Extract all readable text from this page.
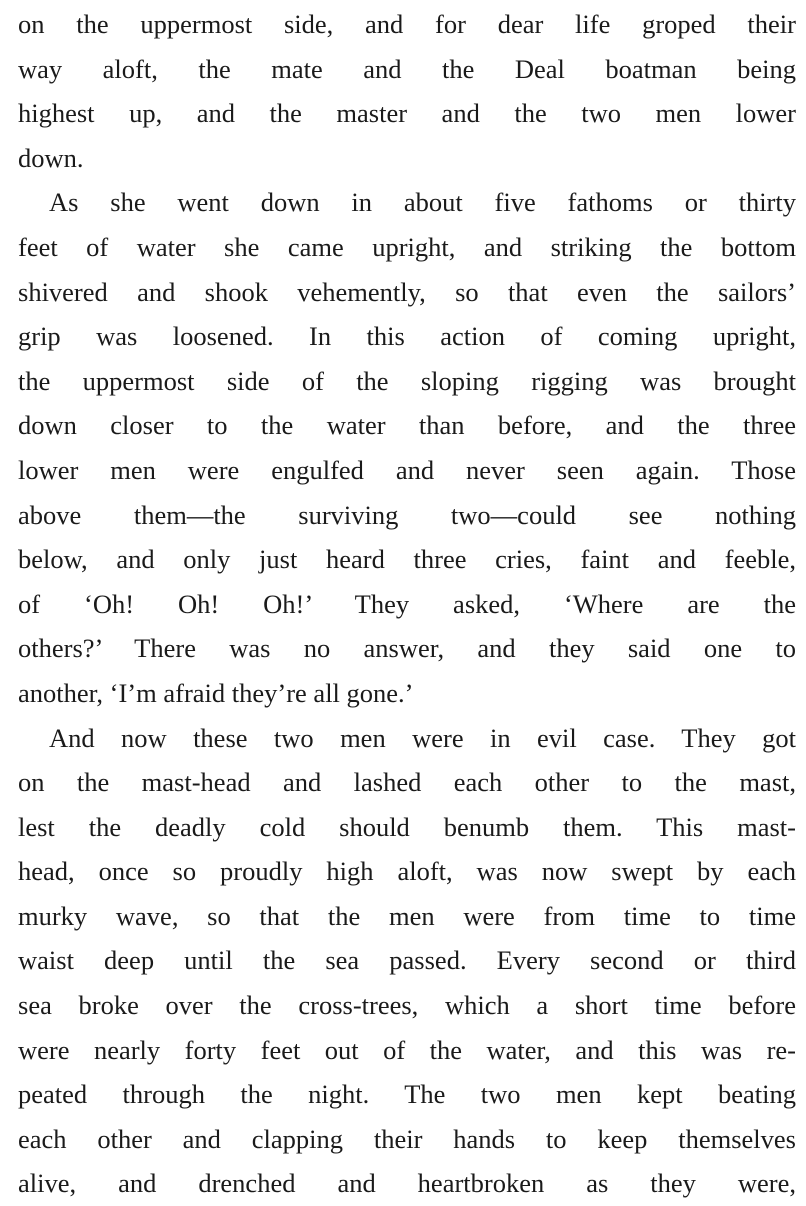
on the uppermost side, and for dear life groped their
way aloft, the mate and the Deal boatman being
highest up, and the master and the two men lower
down.

As she went down in about five fathoms or thirty
feet of water she came upright, and striking the bottom
shivered and shook vehemently, so that even the sailors’
grip was loosened. In this action of coming upright,
the uppermost side of the sloping rigging was brought
down closer to the water than before, and the three
lower men were engulfed and never seen again. Those
above them—the surviving two—could see nothing
below, and only just heard three cries, faint and feeble,
of ‘Oh! Oh! Oh!’ They asked, ‘Where are the
others?’ There was no answer, and they said one to
another, ‘I’m afraid they’re all gone.’

And now these two men were in evil case. They got
on the mast-head and lashed each other to the mast,
lest the deadly cold should benumb them. This mast-
head, once so proudly high aloft, was now swept by each
murky wave, so that the men were from time to time
waist deep until the sea passed. Every second or third
sea broke over the cross-trees, which a short time before
were nearly forty feet out of the water, and this was re-
peated through the night. The two men kept beating
each other and clapping their hands to keep themselves
alive, and drenched and heartbroken as they were,
